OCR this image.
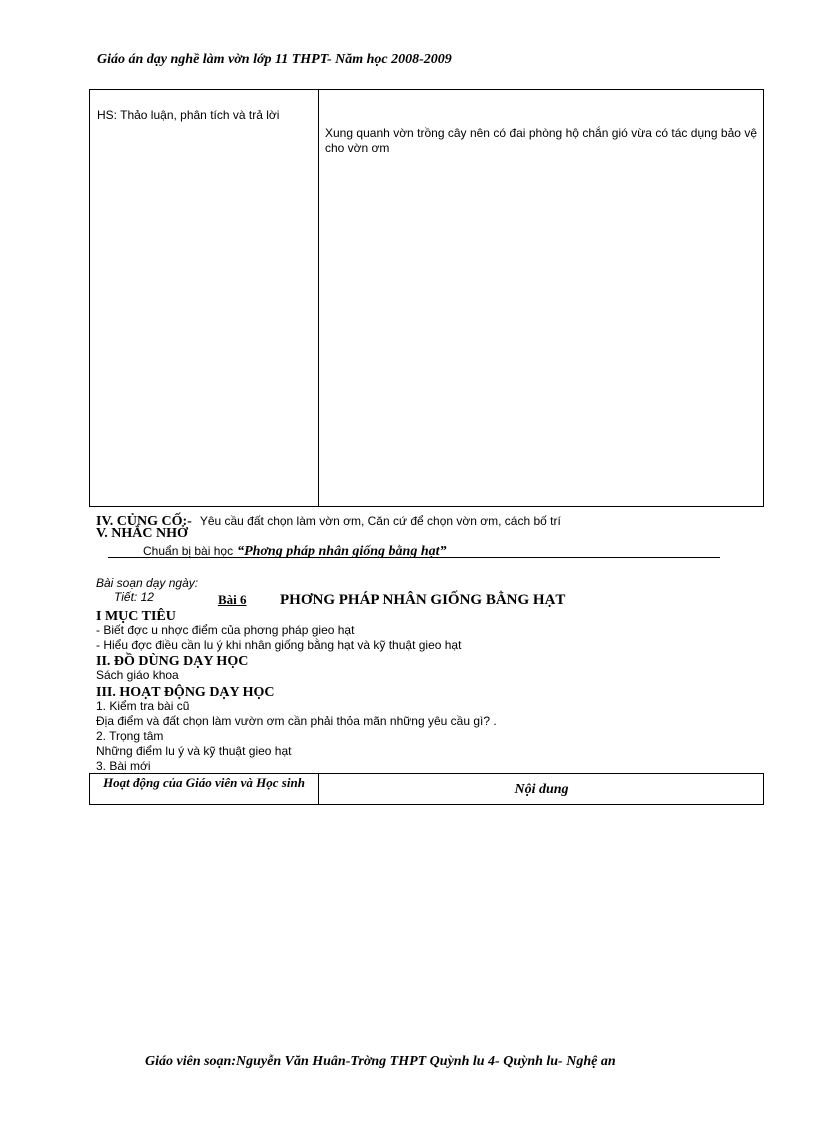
Giáo án dạy nghề làm vờn lớp 11 THPT- Năm học 2008-2009
HS: Thảo luận, phân tích và trả lời
Xung quanh vờn trồng cây nên có đai phòng hộ chắn gió vừa có tác dụng bảo vệ cho vờn ơm
IV. CỦNG CỐ:- Yêu cầu đất chọn làm vờn ơm, Căn cứ để chọn vờn ơm, cách bố trí
V. NHẮC NHỞ
Chuẩn bị bài học “Phơng pháp nhân giống bằng hạt”
Bài soạn dạy ngày:
Tiết: 12	Bài 6 PHƠNG PHÁP NHÂN GIỐNG BẰNG HẠT
I MỤC TIÊU
- Biết đợc u nhợc điểm của phơng pháp gieo hạt
- Hiểu đợc điều cần lu ý khi nhân giống bằng hạt và kỹ thuật gieo hạt
II. ĐỒ DÙNG DẠY HỌC
Sách giáo khoa
III. HOẠT ĐỘNG DẠY HỌC
1. Kiểm tra bài cũ
Địa điểm và đất chọn làm vườn ơm cần phải thỏa mãn những yêu cầu gì? .
2. Trọng tâm
Những điểm lu ý và kỹ thuật gieo hạt
3. Bài mới
Hoạt động của Giáo viên và Học sinh	Nội dung
Giáo viên soạn:Nguyễn Văn Huân-Trờng THPT Quỳnh lu 4- Quỳnh lu- Nghệ an
